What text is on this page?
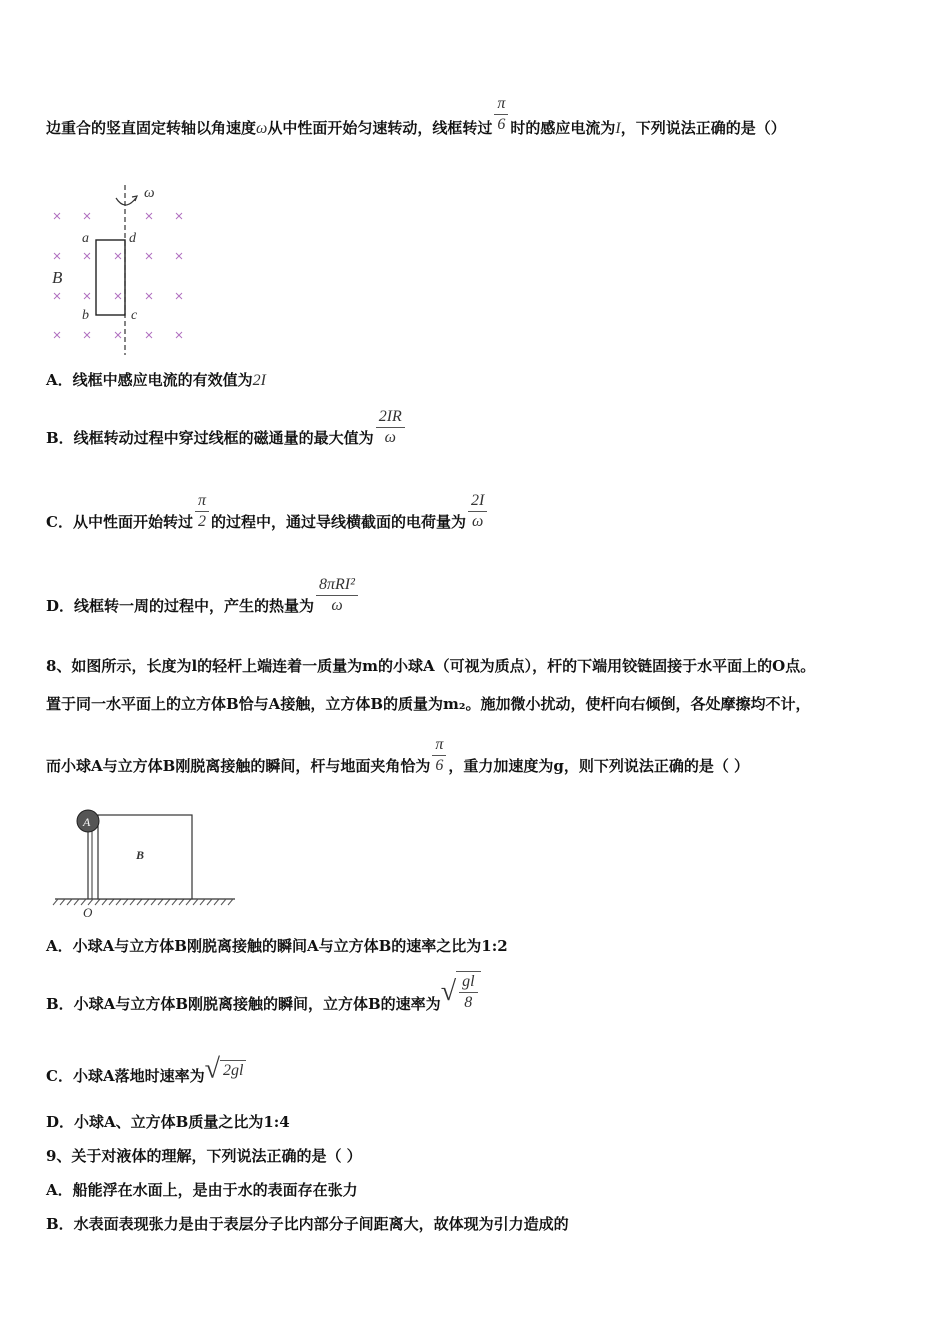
边重合的竖直固定转轴以角速度ω从中性面开始匀速转动，线框转过 $\frac{\pi}{6}$ 时的感应电流为I，下列说法正确的是（）
ω
a	d
b	c
B
A．线框中感应电流的有效值为2I
B．线框转动过程中穿过线框的磁通量的最大值为 $\frac{2IR}{\omega}$
C．从中性面开始转过 $\frac{\pi}{2}$ 的过程中，通过导线横截面的电荷量为 $\frac{2I}{\omega}$
D．线框转一周的过程中，产生的热量为 $\frac{\text{8πRI²}}{\omega}$
8、如图所示，长度为l的轻杆上端连着一质量为m的小球A（可视为质点），杆的下端用铰链固接于水平面上的O点。
置于同一水平面上的立方体B恰与A接触，立方体B的质量为m₂。施加微小扰动，使杆向右倾倒，各处摩擦均不计，
而小球A与立方体B刚脱离接触的瞬间，杆与地面夹角恰为 $\frac{\pi}{6}$ ，重力加速度为g，则下列说法正确的是（ ）
A
B
O
A．小球A与立方体B刚脱离接触的瞬间A与立方体B的速率之比为1:2
B．小球A与立方体B刚脱离接触的瞬间，立方体B的速率为√ $\frac{gl}{8}$
C．小球A落地时速率为√ 2gl
D．小球A、立方体B质量之比为1:4
9、关于对液体的理解，下列说法正确的是（ ）
A．船能浮在水面上，是由于水的表面存在张力
B．水表面表现张力是由于表层分子比内部分子间距离大，故体现为引力造成的
